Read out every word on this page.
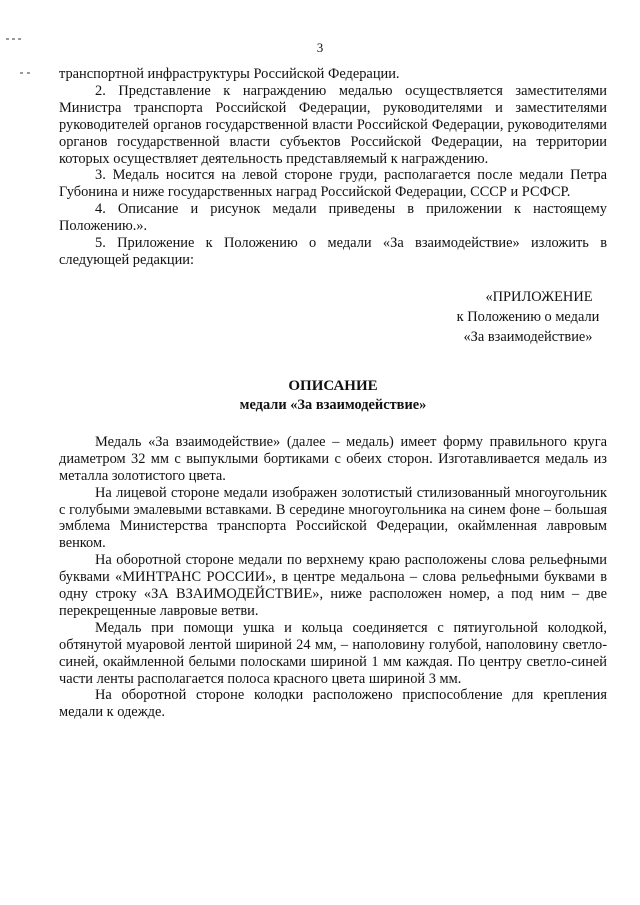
3

транспортной инфраструктуры Российской Федерации.

2. Представление к награждению медалью осуществляется заместителями Министра транспорта Российской Федерации, руководителями и заместителями руководителей органов государственной власти Российской Федерации, руководителями органов государственной власти субъектов Российской Федерации, на территории которых осуществляет деятельность представляемый к награждению.

3. Медаль носится на левой стороне груди, располагается после медали Петра Губонина и ниже государственных наград Российской Федерации, СССР и РСФСР.

4. Описание и рисунок медали приведены в приложении к настоящему Положению.».

5. Приложение к Положению о медали «За взаимодействие» изложить в следующей редакции:

«ПРИЛОЖЕНИЕ
к Положению о медали
«За взаимодействие»
ОПИСАНИЕ
медали «За взаимодействие»

Медаль «За взаимодействие» (далее – медаль) имеет форму правильного круга диаметром 32 мм с выпуклыми бортиками с обеих сторон. Изготавливается медаль из металла золотистого цвета.

На лицевой стороне медали изображен золотистый стилизованный многоугольник с голубыми эмалевыми вставками. В середине многоугольника на синем фоне – большая эмблема Министерства транспорта Российской Федерации, окаймленная лавровым венком.

На оборотной стороне медали по верхнему краю расположены слова рельефными буквами «МИНТРАНС РОССИИ», в центре медальона – слова рельефными буквами в одну строку «ЗА ВЗАИМОДЕЙСТВИЕ», ниже расположен номер, а под ним – две перекрещенные лавровые ветви.

Медаль при помощи ушка и кольца соединяется с пятиугольной колодкой, обтянутой муаровой лентой шириной 24 мм, – наполовину голубой, наполовину светло-синей, окаймленной белыми полосками шириной 1 мм каждая. По центру светло-синей части ленты располагается полоса красного цвета шириной 3 мм.

На оборотной стороне колодки расположено приспособление для крепления медали к одежде.
